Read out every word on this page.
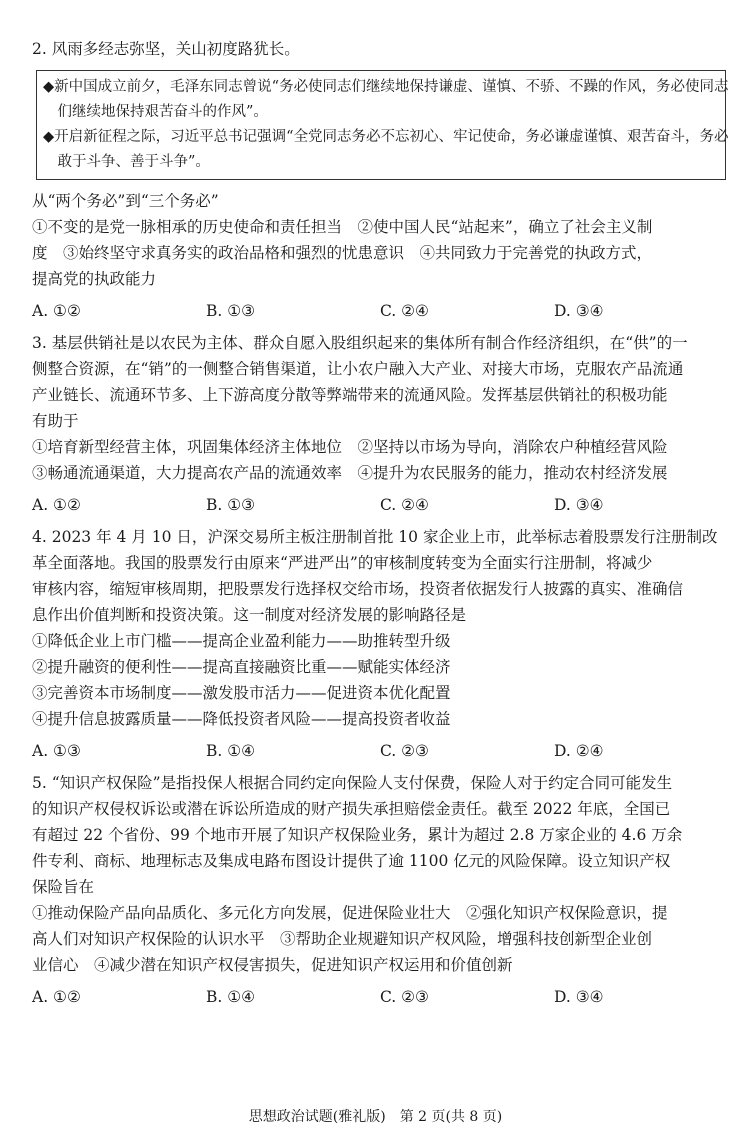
2. 风雨多经志弥坚，关山初度路犹长。
◆新中国成立前夕，毛泽东同志曾说“务必使同志们继续地保持谦虚、谨慎、不骄、不躁的作风，务必使同志
　们继续地保持艰苦奋斗的作风”。
◆开启新征程之际，习近平总书记强调“全党同志务必不忘初心、牢记使命，务必谦虚谨慎、艰苦奋斗，务必
　敢于斗争、善于斗争”。
从“两个务必”到“三个务必”
①不变的是党一脉相承的历史使命和责任担当　②使中国人民“站起来”，确立了社会主义制
度　③始终坚守求真务实的政治品格和强烈的忧患意识　④共同致力于完善党的执政方式，
提高党的执政能力
A. ①②	B. ①③	C. ②④	D. ③④
3. 基层供销社是以农民为主体、群众自愿入股组织起来的集体所有制合作经济组织，在“供”的一
侧整合资源，在“销”的一侧整合销售渠道，让小农户融入大产业、对接大市场，克服农产品流通
产业链长、流通环节多、上下游高度分散等弊端带来的流通风险。发挥基层供销社的积极功能
有助于
①培育新型经营主体，巩固集体经济主体地位　②坚持以市场为导向，消除农户种植经营风险
③畅通流通渠道，大力提高农产品的流通效率　④提升为农民服务的能力，推动农村经济发展
A. ①②	B. ①③	C. ②④	D. ③④
4. 2023 年 4 月 10 日，沪深交易所主板注册制首批 10 家企业上市，此举标志着股票发行注册制改
革全面落地。我国的股票发行由原来“严进严出”的审核制度转变为全面实行注册制，将减少
审核内容，缩短审核周期，把股票发行选择权交给市场，投资者依据发行人披露的真实、准确信
息作出价值判断和投资决策。这一制度对经济发展的影响路径是
①降低企业上市门槛——提高企业盈利能力——助推转型升级
②提升融资的便利性——提高直接融资比重——赋能实体经济
③完善资本市场制度——激发股市活力——促进资本优化配置
④提升信息披露质量——降低投资者风险——提高投资者收益
A. ①③	B. ①④	C. ②③	D. ②④
5. “知识产权保险”是指投保人根据合同约定向保险人支付保费，保险人对于约定合同可能发生
的知识产权侵权诉讼或潜在诉讼所造成的财产损失承担赔偿金责任。截至 2022 年底，全国已
有超过 22 个省份、99 个地市开展了知识产权保险业务，累计为超过 2.8 万家企业的 4.6 万余
件专利、商标、地理标志及集成电路布图设计提供了逾 1100 亿元的风险保障。设立知识产权
保险旨在
①推动保险产品向品质化、多元化方向发展，促进保险业壮大　②强化知识产权保险意识，提
高人们对知识产权保险的认识水平　③帮助企业规避知识产权风险，增强科技创新型企业创
业信心　④减少潜在知识产权侵害损失，促进知识产权运用和价值创新
A. ①②	B. ①④	C. ②③	D. ③④
思想政治试题(雅礼版)　第 2 页(共 8 页)
